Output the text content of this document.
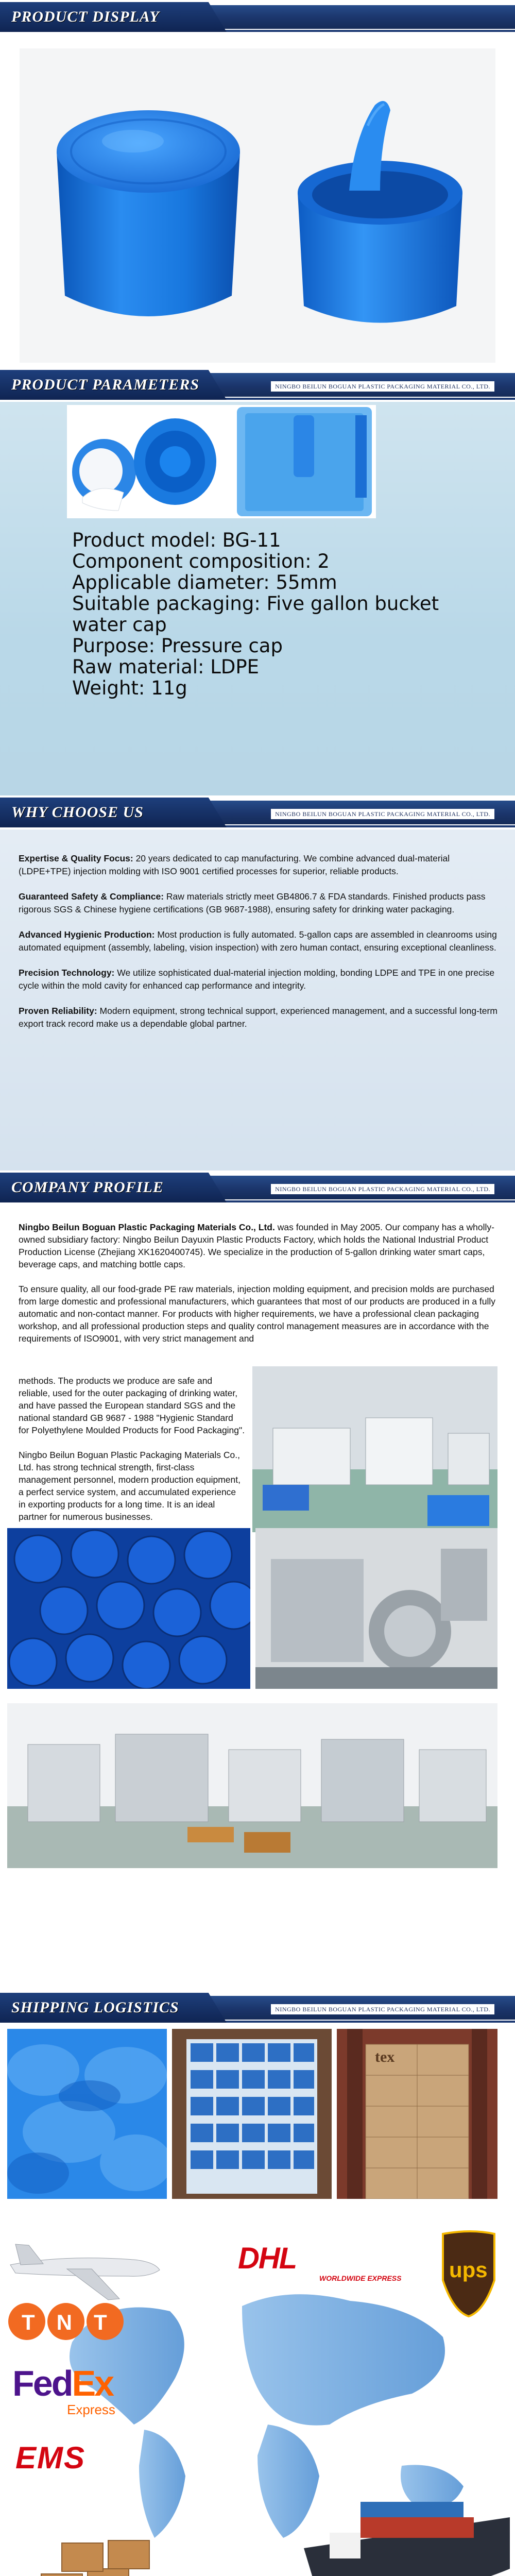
PRODUCT DISPLAY
PRODUCT PARAMETERS	NINGBO BEILUN BOGUAN PLASTIC PACKAGING MATERIAL CO., LTD.
Product model: BG-11
Component composition: 2
Applicable diameter: 55mm
Suitable packaging: Five gallon bucket water cap
Purpose: Pressure cap
Raw material: LDPE
Weight: 11g
WHY CHOOSE US	NINGBO BEILUN BOGUAN PLASTIC PACKAGING MATERIAL CO., LTD.

Expertise & Quality Focus: 20 years dedicated to cap manufacturing. We combine advanced dual-material (LDPE+TPE) injection molding with ISO 9001 certified processes for superior, reliable products.

Guaranteed Safety & Compliance: Raw materials strictly meet GB4806.7 & FDA standards. Finished products pass rigorous SGS & Chinese hygiene certifications (GB 9687-1988), ensuring safety for drinking water packaging.

Advanced Hygienic Production: Most production is fully automated. 5-gallon caps are assembled in cleanrooms using automated equipment (assembly, labeling, vision inspection) with zero human contact, ensuring exceptional cleanliness.

Precision Technology: We utilize sophisticated dual-material injection molding, bonding LDPE and TPE in one precise cycle within the mold cavity for enhanced cap performance and integrity.

Proven Reliability: Modern equipment, strong technical support, experienced management, and a successful long-term export track record make us a dependable global partner.

COMPANY PROFILE	NINGBO BEILUN BOGUAN PLASTIC PACKAGING MATERIAL CO., LTD.

Ningbo Beilun Boguan Plastic Packaging Materials Co., Ltd. was founded in May 2005. Our company has a wholly-owned subsidiary factory: Ningbo Beilun Dayuxin Plastic Products Factory, which holds the National Industrial Product Production License (Zhejiang XK1620400745). We specialize in the production of 5-gallon drinking water smart caps, beverage caps, and matching bottle caps.

To ensure quality, all our food-grade PE raw materials, injection molding equipment, and precision molds are purchased from large domestic and professional manufacturers, which guarantees that most of our products are produced in a fully automatic and non-contact manner. For products with higher requirements, we have a professional clean packaging workshop, and all professional production steps and quality control management measures are in accordance with the requirements of ISO9001, with very strict management and

methods. The products we produce are safe and reliable, used for the outer packaging of drinking water, and have passed the European standard SGS and the national standard GB 9687 - 1988 "Hygienic Standard for Polyethylene Moulded Products for Food Packaging".

Ningbo Beilun Boguan Plastic Packaging Materials Co., Ltd. has strong technical strength, first-class management personnel, modern production equipment, a perfect service system, and accumulated experience in exporting products for a long time. It is an ideal partner for numerous businesses.

SHIPPING LOGISTICS	NINGBO BEILUN BOGUAN PLASTIC PACKAGING MATERIAL CO., LTD.
tex
DHL
WORLDWIDE EXPRESS ups
TNT
FedEx
Express
EMS
